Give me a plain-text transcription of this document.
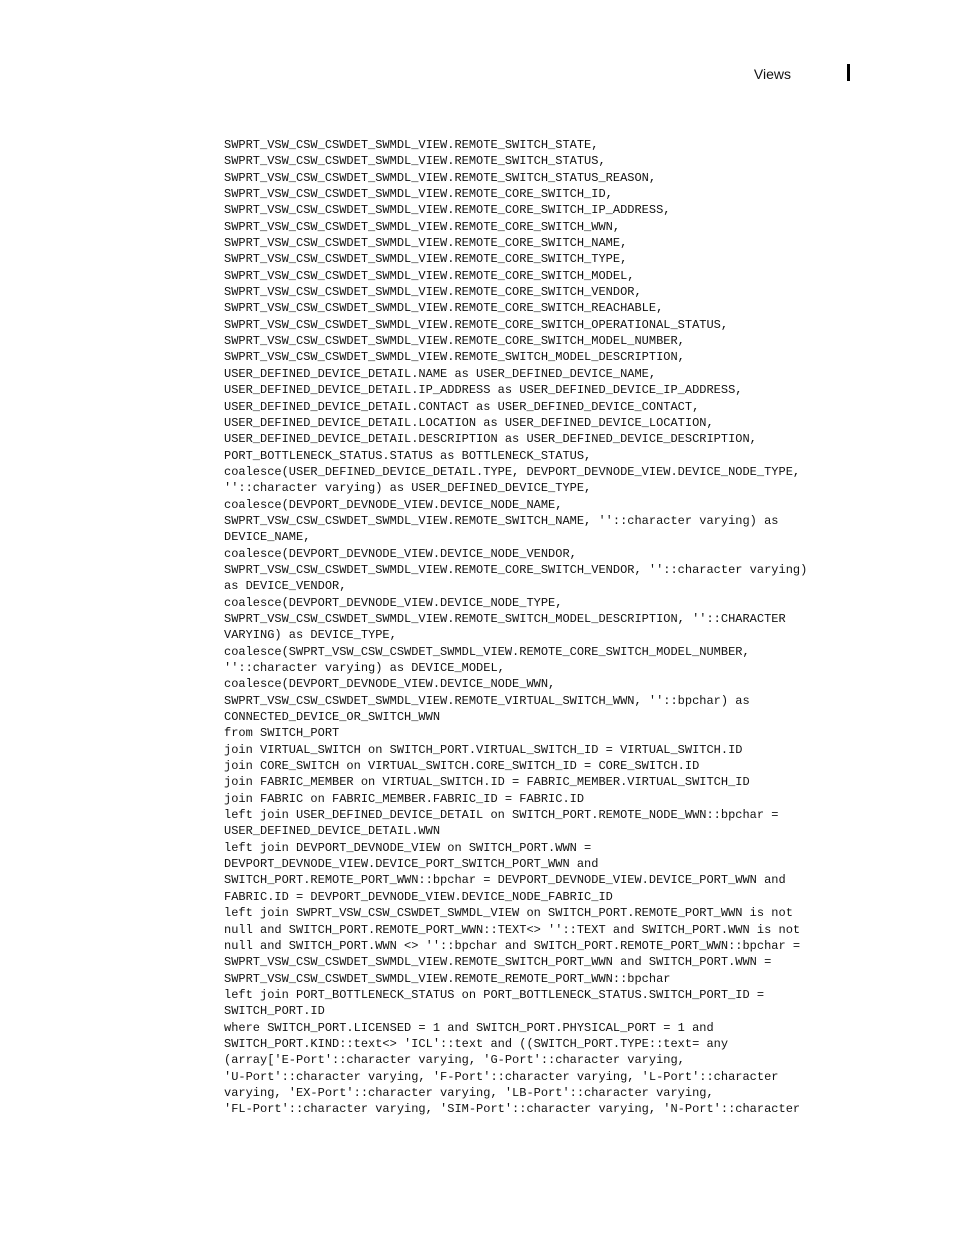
Views
SWPRT_VSW_CSW_CSWDET_SWMDL_VIEW.REMOTE_SWITCH_STATE,
SWPRT_VSW_CSW_CSWDET_SWMDL_VIEW.REMOTE_SWITCH_STATUS,
SWPRT_VSW_CSW_CSWDET_SWMDL_VIEW.REMOTE_SWITCH_STATUS_REASON,
SWPRT_VSW_CSW_CSWDET_SWMDL_VIEW.REMOTE_CORE_SWITCH_ID,
SWPRT_VSW_CSW_CSWDET_SWMDL_VIEW.REMOTE_CORE_SWITCH_IP_ADDRESS,
SWPRT_VSW_CSW_CSWDET_SWMDL_VIEW.REMOTE_CORE_SWITCH_WWN,
SWPRT_VSW_CSW_CSWDET_SWMDL_VIEW.REMOTE_CORE_SWITCH_NAME,
SWPRT_VSW_CSW_CSWDET_SWMDL_VIEW.REMOTE_CORE_SWITCH_TYPE,
SWPRT_VSW_CSW_CSWDET_SWMDL_VIEW.REMOTE_CORE_SWITCH_MODEL,
SWPRT_VSW_CSW_CSWDET_SWMDL_VIEW.REMOTE_CORE_SWITCH_VENDOR,
SWPRT_VSW_CSW_CSWDET_SWMDL_VIEW.REMOTE_CORE_SWITCH_REACHABLE,
SWPRT_VSW_CSW_CSWDET_SWMDL_VIEW.REMOTE_CORE_SWITCH_OPERATIONAL_STATUS,
SWPRT_VSW_CSW_CSWDET_SWMDL_VIEW.REMOTE_CORE_SWITCH_MODEL_NUMBER,
SWPRT_VSW_CSW_CSWDET_SWMDL_VIEW.REMOTE_SWITCH_MODEL_DESCRIPTION,
USER_DEFINED_DEVICE_DETAIL.NAME as USER_DEFINED_DEVICE_NAME,
USER_DEFINED_DEVICE_DETAIL.IP_ADDRESS as USER_DEFINED_DEVICE_IP_ADDRESS,
USER_DEFINED_DEVICE_DETAIL.CONTACT as USER_DEFINED_DEVICE_CONTACT,
USER_DEFINED_DEVICE_DETAIL.LOCATION as USER_DEFINED_DEVICE_LOCATION,
USER_DEFINED_DEVICE_DETAIL.DESCRIPTION as USER_DEFINED_DEVICE_DESCRIPTION,
PORT_BOTTLENECK_STATUS.STATUS as BOTTLENECK_STATUS,
coalesce(USER_DEFINED_DEVICE_DETAIL.TYPE, DEVPORT_DEVNODE_VIEW.DEVICE_NODE_TYPE,
''::character varying) as USER_DEFINED_DEVICE_TYPE,
coalesce(DEVPORT_DEVNODE_VIEW.DEVICE_NODE_NAME,
SWPRT_VSW_CSW_CSWDET_SWMDL_VIEW.REMOTE_SWITCH_NAME, ''::character varying) as
DEVICE_NAME,
coalesce(DEVPORT_DEVNODE_VIEW.DEVICE_NODE_VENDOR,
SWPRT_VSW_CSW_CSWDET_SWMDL_VIEW.REMOTE_CORE_SWITCH_VENDOR, ''::character varying)
as DEVICE_VENDOR,
coalesce(DEVPORT_DEVNODE_VIEW.DEVICE_NODE_TYPE,
SWPRT_VSW_CSW_CSWDET_SWMDL_VIEW.REMOTE_SWITCH_MODEL_DESCRIPTION, ''::CHARACTER
VARYING) as DEVICE_TYPE,
coalesce(SWPRT_VSW_CSW_CSWDET_SWMDL_VIEW.REMOTE_CORE_SWITCH_MODEL_NUMBER,
''::character varying) as DEVICE_MODEL,
coalesce(DEVPORT_DEVNODE_VIEW.DEVICE_NODE_WWN,
SWPRT_VSW_CSW_CSWDET_SWMDL_VIEW.REMOTE_VIRTUAL_SWITCH_WWN, ''::bpchar) as
CONNECTED_DEVICE_OR_SWITCH_WWN
from SWITCH_PORT
join VIRTUAL_SWITCH on SWITCH_PORT.VIRTUAL_SWITCH_ID = VIRTUAL_SWITCH.ID
join CORE_SWITCH on VIRTUAL_SWITCH.CORE_SWITCH_ID = CORE_SWITCH.ID
join FABRIC_MEMBER on VIRTUAL_SWITCH.ID = FABRIC_MEMBER.VIRTUAL_SWITCH_ID
join FABRIC on FABRIC_MEMBER.FABRIC_ID = FABRIC.ID
left join USER_DEFINED_DEVICE_DETAIL on SWITCH_PORT.REMOTE_NODE_WWN::bpchar =
USER_DEFINED_DEVICE_DETAIL.WWN
left join DEVPORT_DEVNODE_VIEW on SWITCH_PORT.WWN =
DEVPORT_DEVNODE_VIEW.DEVICE_PORT_SWITCH_PORT_WWN and
SWITCH_PORT.REMOTE_PORT_WWN::bpchar = DEVPORT_DEVNODE_VIEW.DEVICE_PORT_WWN and
FABRIC.ID = DEVPORT_DEVNODE_VIEW.DEVICE_NODE_FABRIC_ID
left join SWPRT_VSW_CSW_CSWDET_SWMDL_VIEW on SWITCH_PORT.REMOTE_PORT_WWN is not
null and SWITCH_PORT.REMOTE_PORT_WWN::TEXT<> ''::TEXT and SWITCH_PORT.WWN is not
null and SWITCH_PORT.WWN <> ''::bpchar and SWITCH_PORT.REMOTE_PORT_WWN::bpchar =
SWPRT_VSW_CSW_CSWDET_SWMDL_VIEW.REMOTE_SWITCH_PORT_WWN and SWITCH_PORT.WWN =
SWPRT_VSW_CSW_CSWDET_SWMDL_VIEW.REMOTE_REMOTE_PORT_WWN::bpchar
left join PORT_BOTTLENECK_STATUS on PORT_BOTTLENECK_STATUS.SWITCH_PORT_ID =
SWITCH_PORT.ID
where SWITCH_PORT.LICENSED = 1 and SWITCH_PORT.PHYSICAL_PORT = 1 and
SWITCH_PORT.KIND::text<> 'ICL'::text and ((SWITCH_PORT.TYPE::text= any
(array['E-Port'::character varying, 'G-Port'::character varying,
'U-Port'::character varying, 'F-Port'::character varying, 'L-Port'::character
varying, 'EX-Port'::character varying, 'LB-Port'::character varying,
'FL-Port'::character varying, 'SIM-Port'::character varying, 'N-Port'::character
